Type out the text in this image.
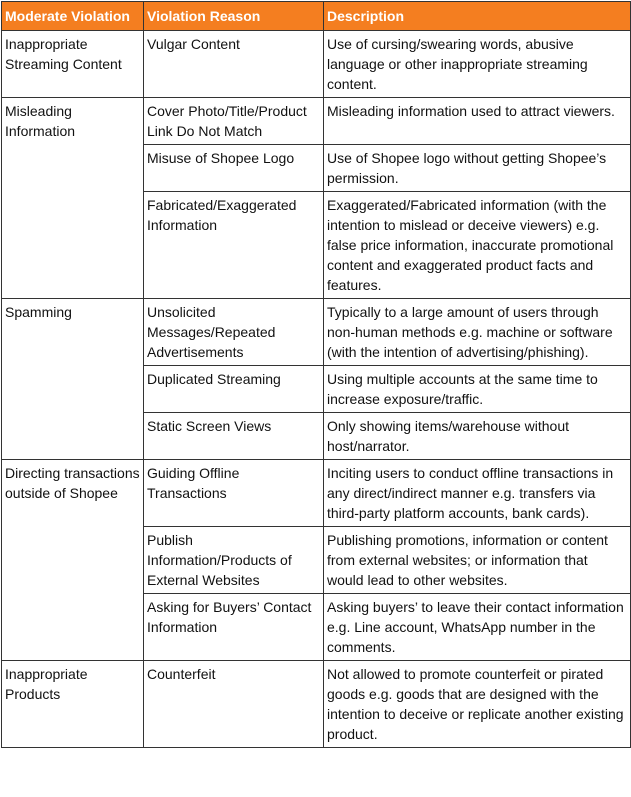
Moderate Violation	Violation Reason	Description
Inappropriate Streaming Content	Vulgar Content	Use of cursing/swearing words, abusive language or other inappropriate streaming content.
Misleading Information	Cover Photo/Title/Product Link Do Not Match	Misleading information used to attract viewers.
	Misuse of Shopee Logo	Use of Shopee logo without getting Shopee’s permission.
	Fabricated/Exaggerated Information	Exaggerated/Fabricated information (with the intention to mislead or deceive viewers) e.g. false price information, inaccurate promotional content and exaggerated product facts and features.
Spamming	Unsolicited Messages/Repeated Advertisements	Typically to a large amount of users through non-human methods e.g. machine or software (with the intention of advertising/phishing).
	Duplicated Streaming	Using multiple accounts at the same time to increase exposure/traffic.
	Static Screen Views	Only showing items/warehouse without host/narrator.
Directing transactions outside of Shopee	Guiding Offline Transactions	Inciting users to conduct offline transactions in any direct/indirect manner e.g. transfers via third-party platform accounts, bank cards).
	Publish Information/Products of External Websites	Publishing promotions, information or content from external websites; or information that would lead to other websites.
	Asking for Buyers’ Contact Information	Asking buyers’ to leave their contact information e.g. Line account, WhatsApp number in the comments.
Inappropriate Products	Counterfeit	Not allowed to promote counterfeit or pirated goods e.g. goods that are designed with the intention to deceive or replicate another existing product.
